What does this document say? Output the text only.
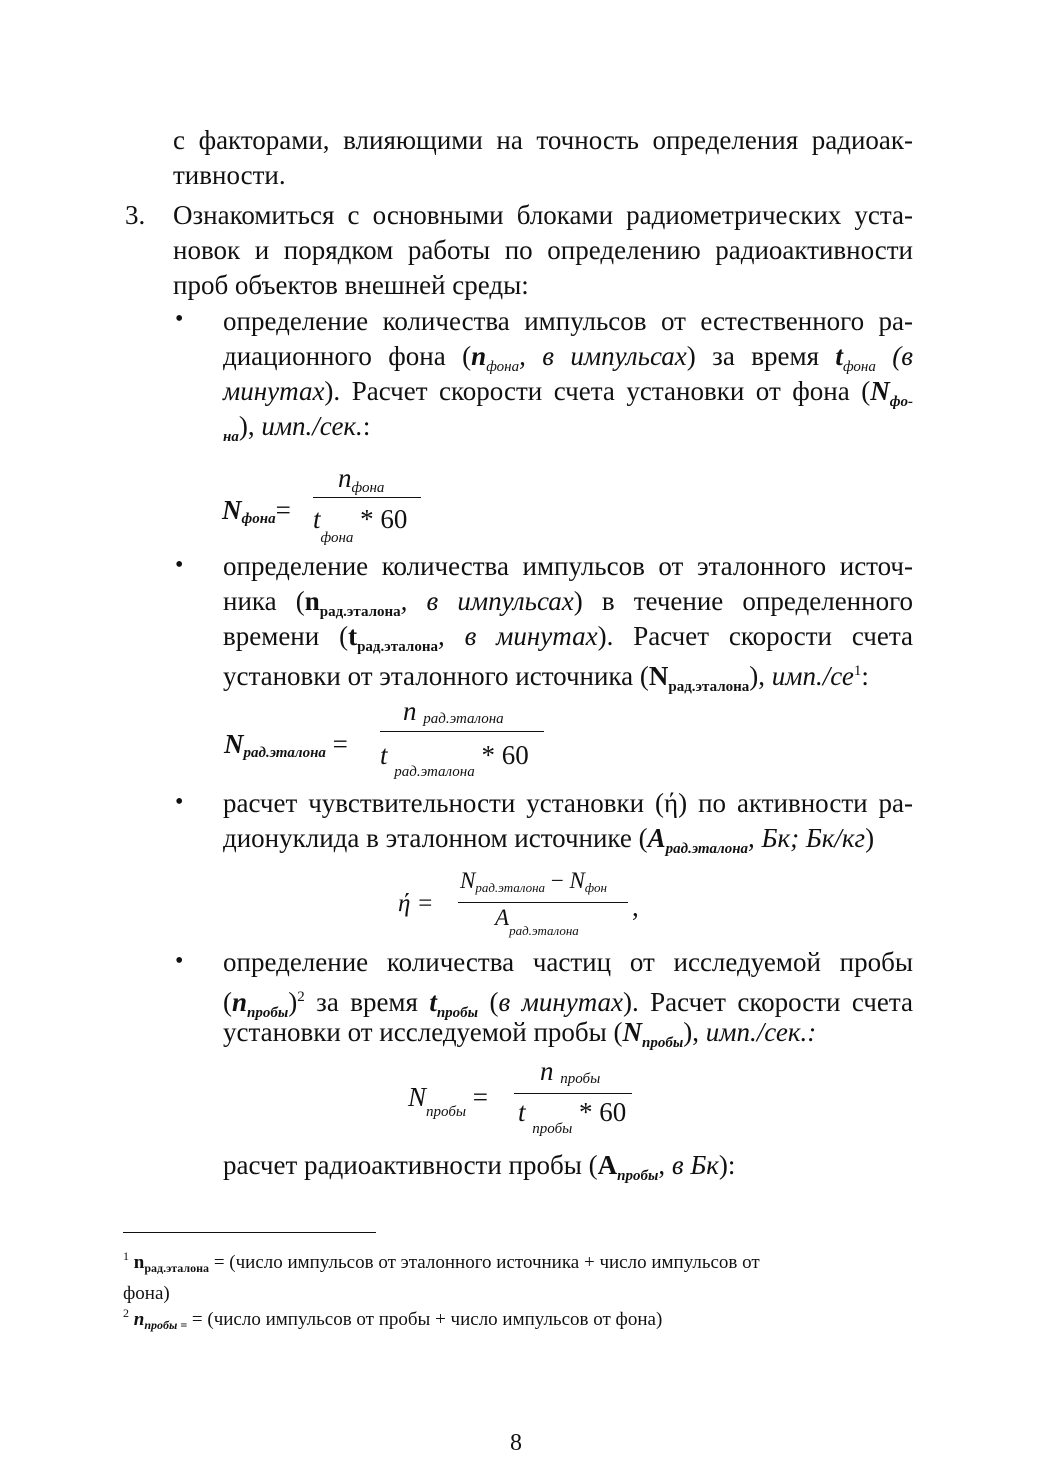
с факторами, влияющими на точность определения радиоак-
тивности.
3.	Ознакомиться с основными блоками радиометрических уста-
новок и порядком работы по определению радиоактивности
проб объектов внешней среды:
• определение количества импульсов от естественного ра-
диационного фона ($n_{фона}$, в импульсах) за время $t_{фона}$ (в
минутах). Расчет скорости счета установки от фона ($N_{фо-}$
$_{на}$), имп./сек.:
Nфона=
nфона
$t_{фона} * 60$
• определение количества импульсов от эталонного источ-
ника ($n_{рад.эталона}$, в импульсах) в течение определенного
времени ($t_{рад.эталона}$, в минутах). Расчет скорости счета
установки от эталонного источника $(N_{рад.эталона})$, $имп./се^1$:
Nрад.эталона =
n рад.эталона
t $_{рад.эталона}$ * 60
• расчет чувствительности установки (ή) по активности ра-
дионуклида в эталонном источнике ($А_{рад.эталона}$, Бк; Бк/кг)
ή =
Nрад.эталона − Nфон
$A_{рад.эталона}$
,
• определение количества частиц от исследуемой пробы
$(n_{пробы})^2$ за время $t_{пробы}$ (в минутах). Расчет скорости счета
установки от исследуемой пробы $(N_{пробы})$, имп./сек.:
$N_{пробы}$ =
n пробы
t $_{пробы}$ * 60
расчет радиоактивности пробы ($А_{пробы}$, в Бк):
$^1$ $n_{рад.эталона}$ = (число импульсов от эталонного источника + число импульсов от
фона)
$^2$ $n_{пробы =}$ = (число импульсов от пробы + число импульсов от фона)
8
